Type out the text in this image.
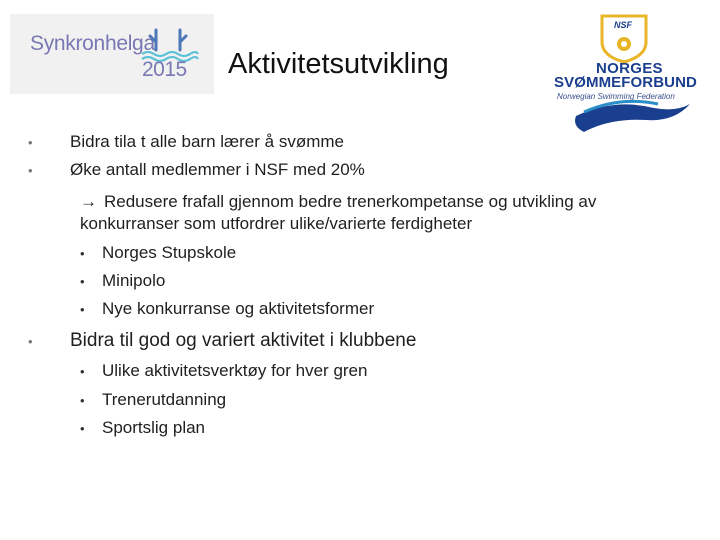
Synkronhelga
2015 Aktivitetsutvikling
NSF
NORGES
SVØMMEFORBUND
Norwegian Swimming Federation
• Bidra tila t alle barn lærer å svømme
• Øke antall medlemmer i NSF med 20%
→ Redusere frafall gjennom bedre trenerkompetanse og utvikling av
konkurranser som utfordrer ulike/varierte ferdigheter
• Norges Stupskole
• Minipolo
• Nye konkurranse og aktivitetsformer
• Bidra til god og variert aktivitet i klubbene
• Ulike aktivitetsverktøy for hver gren
• Trenerutdanning
• Sportslig plan
